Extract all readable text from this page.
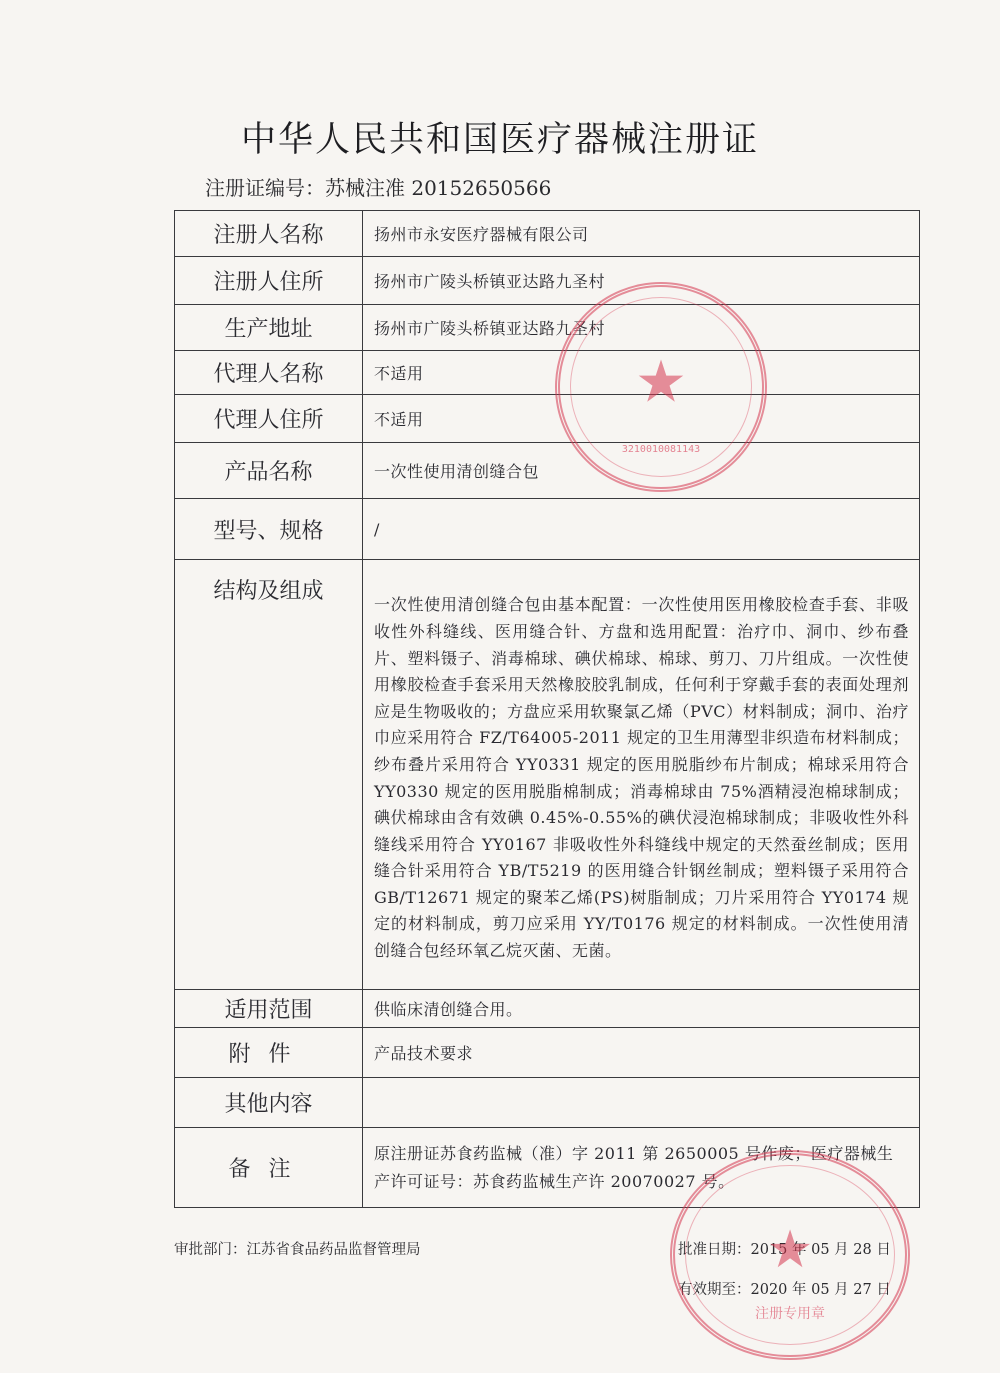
中华人民共和国医疗器械注册证
注册证编号：苏械注准 20152650566
注册人名称	扬州市永安医疗器械有限公司
注册人住所	扬州市广陵头桥镇亚达路九圣村
生产地址	扬州市广陵头桥镇亚达路九圣村
代理人名称	不适用
代理人住所	不适用
产品名称	一次性使用清创缝合包
型号、规格	/
结构及组成	一次性使用清创缝合包由基本配置：一次性使用医用橡胶检查手套、非吸收性外科缝线、医用缝合针、方盘和选用配置：治疗巾、洞巾、纱布叠片、塑料镊子、消毒棉球、碘伏棉球、棉球、剪刀、刀片组成。一次性使用橡胶检查手套采用天然橡胶胶乳制成，任何利于穿戴手套的表面处理剂应是生物吸收的；方盘应采用软聚氯乙烯（PVC）材料制成；洞巾、治疗巾应采用符合 FZ/T64005-2011 规定的卫生用薄型非织造布材料制成；纱布叠片采用符合 YY0331 规定的医用脱脂纱布片制成；棉球采用符合 YY0330 规定的医用脱脂棉制成；消毒棉球由 75%酒精浸泡棉球制成；碘伏棉球由含有效碘 0.45%-0.55%的碘伏浸泡棉球制成；非吸收性外科缝线采用符合 YY0167 非吸收性外科缝线中规定的天然蚕丝制成；医用缝合针采用符合 YB/T5219 的医用缝合针钢丝制成；塑料镊子采用符合 GB/T12671 规定的聚苯乙烯(PS)树脂制成；刀片采用符合 YY0174 规定的材料制成，剪刀应采用 YY/T0176 规定的材料制成。一次性使用清创缝合包经环氧乙烷灭菌、无菌。
适用范围	供临床清创缝合用。
附件	产品技术要求
其他内容	
备注	原注册证苏食药监械（准）字 2011 第 2650005 号作废；医疗器械生产许可证号：苏食药监械生产许 20070027 号。
审批部门：江苏省食品药品监督管理局	批准日期：2015 年 05 月 28 日
有效期至：2020 年 05 月 27 日
★
3210010081143
★
注册专用章
